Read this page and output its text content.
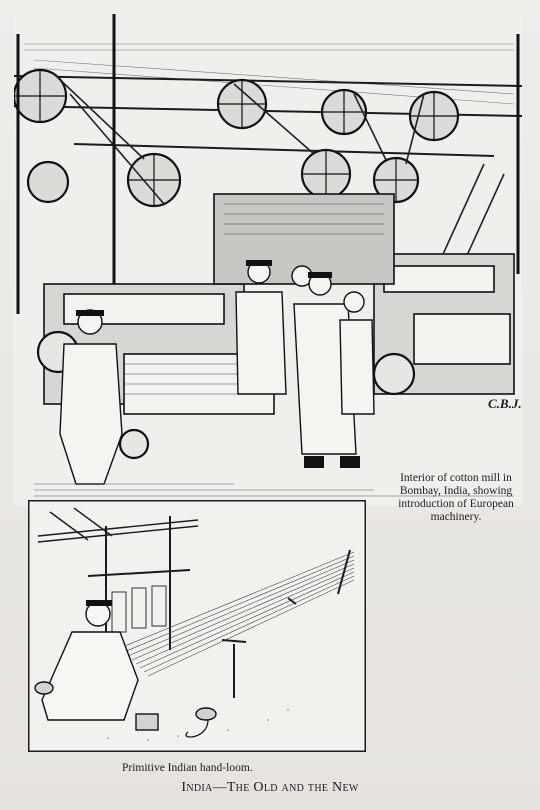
C.B.J.
Interior of cotton mill in Bombay, India, showing introduction of European machinery.
Primitive Indian hand-loom.
India—The Old and the New
